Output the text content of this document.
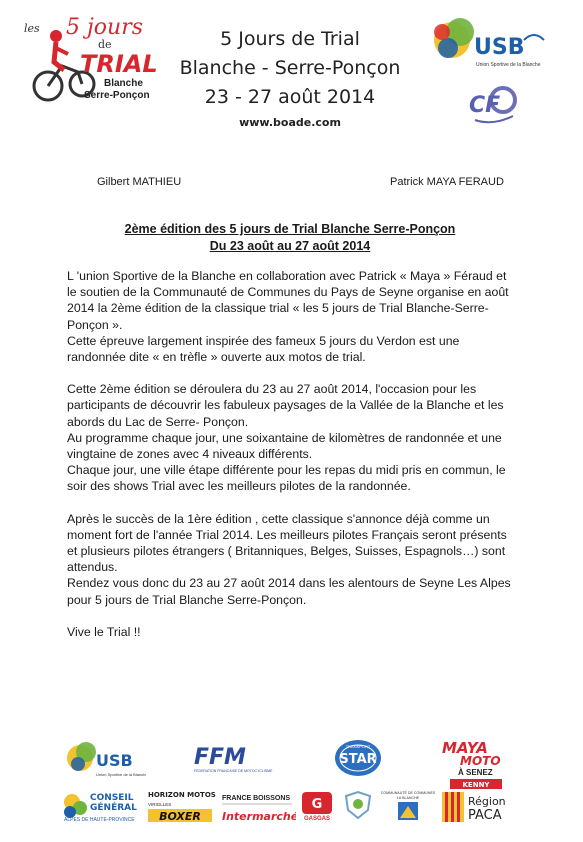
les 5 jours
de
TRIAL
Blanche
Serre-Ponçon
5 Jours de Trial
Blanche - Serre-Ponçon
23 - 27 août 2014
www.boade.com
USB
Union Sportive de la Blanche
CF
Gilbert MATHIEU	Patrick MAYA FERAUD
2ème édition des 5 jours de Trial Blanche Serre-Ponçon
Du 23 août au 27 août 2014

L 'union Sportive de la Blanche en collaboration avec Patrick « Maya » Féraud et le soutien de la Communauté de Communes du Pays de Seyne organise en août 2014 la 2ème édition de la classique trial « les 5 jours de Trial Blanche-Serre-Ponçon ».

Cette épreuve largement inspirée des fameux 5 jours du Verdon est une randonnée dite « en trèfle » ouverte aux motos de trial.

Cette 2ème édition se déroulera du 23 au 27 août 2014, l'occasion pour les participants de découvrir les fabuleux paysages de la Vallée de la Blanche et les abords du Lac de Serre- Ponçon.

Au programme chaque jour, une soixantaine de kilomètres de randonnée et une vingtaine de zones avec 4 niveaux différents.

Chaque jour, une ville étape différente pour les repas du midi pris en commun, le soir des shows Trial avec les meilleurs pilotes de la randonnée.

Après le succès de la 1ère édition , cette classique s'annonce déjà comme un moment fort de l'année Trial 2014. Les meilleurs pilotes Français seront présents et plusieurs pilotes étrangers ( Britanniques, Belges, Suisses, Espagnols…) sont attendus.

Rendez vous donc du 23 au 27 août 2014 dans les alentours de Seyne Les Alpes pour 5 jours de Trial Blanche Serre-Ponçon.

Vive le Trial !!

USB
Union Sportive de la Blanche
FFM
FEDERATION FRANCAISE DE MOTOCYCLISME
TRANSPORT
STAR
MAYA
MOTO
À SENEZ
KENNY
CONSEIL
GÉNÉRAL
ALPES DE HAUTE-PROVINCE
HORIZON MOTOS
VIRIGLLES
BOXER
FRANCE BOISSONS
Intermarché
G
GASGAS
COMMUNAUTÉ DE COMMUNES
LA BLANCHE	Région
PACA
